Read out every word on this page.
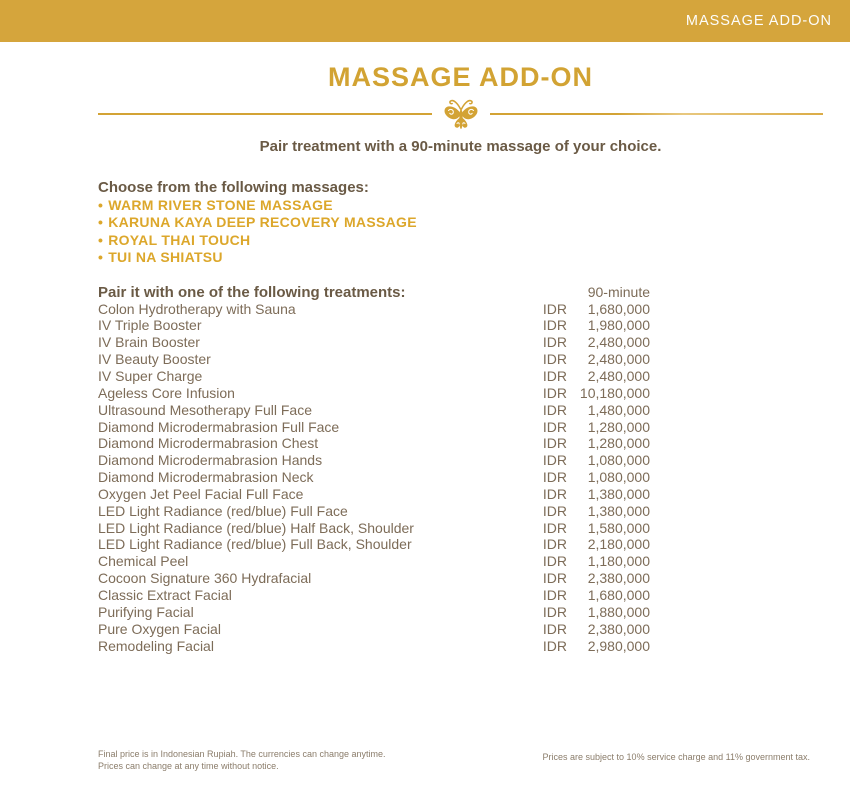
MASSAGE ADD-ON
MASSAGE ADD-ON
Pair treatment with a 90-minute massage of your choice.
Choose from the following massages:
• WARM RIVER STONE MASSAGE
• KARUNA KAYA DEEP RECOVERY MASSAGE
• ROYAL THAI TOUCH
• TUI NA SHIATSU
Pair it with one of the following treatments:	90-minute
Colon Hydrotherapy with Sauna	IDR	1,680,000
IV Triple Booster	IDR	1,980,000
IV Brain Booster	IDR	2,480,000
IV Beauty Booster	IDR	2,480,000
IV Super Charge	IDR	2,480,000
Ageless Core Infusion	IDR 10,180,000
Ultrasound Mesotherapy Full Face	IDR	1,480,000
Diamond Microdermabrasion Full Face	IDR	1,280,000
Diamond Microdermabrasion Chest	IDR	1,280,000
Diamond Microdermabrasion Hands	IDR	1,080,000
Diamond Microdermabrasion Neck	IDR	1,080,000
Oxygen Jet Peel Facial Full Face	IDR	1,380,000
LED Light Radiance (red/blue) Full Face	IDR	1,380,000
LED Light Radiance (red/blue) Half Back, Shoulder	IDR	1,580,000
LED Light Radiance (red/blue) Full Back, Shoulder	IDR	2,180,000
Chemical Peel	IDR	1,180,000
Cocoon Signature 360 Hydrafacial	IDR	2,380,000
Classic Extract Facial	IDR	1,680,000
Purifying Facial	IDR	1,880,000
Pure Oxygen Facial	IDR	2,380,000
Remodeling Facial	IDR	2,980,000
Final price is in Indonesian Rupiah. The currencies can change anytime.
Prices can change at any time without notice.
Prices are subject to 10% service charge and 11% government tax.
